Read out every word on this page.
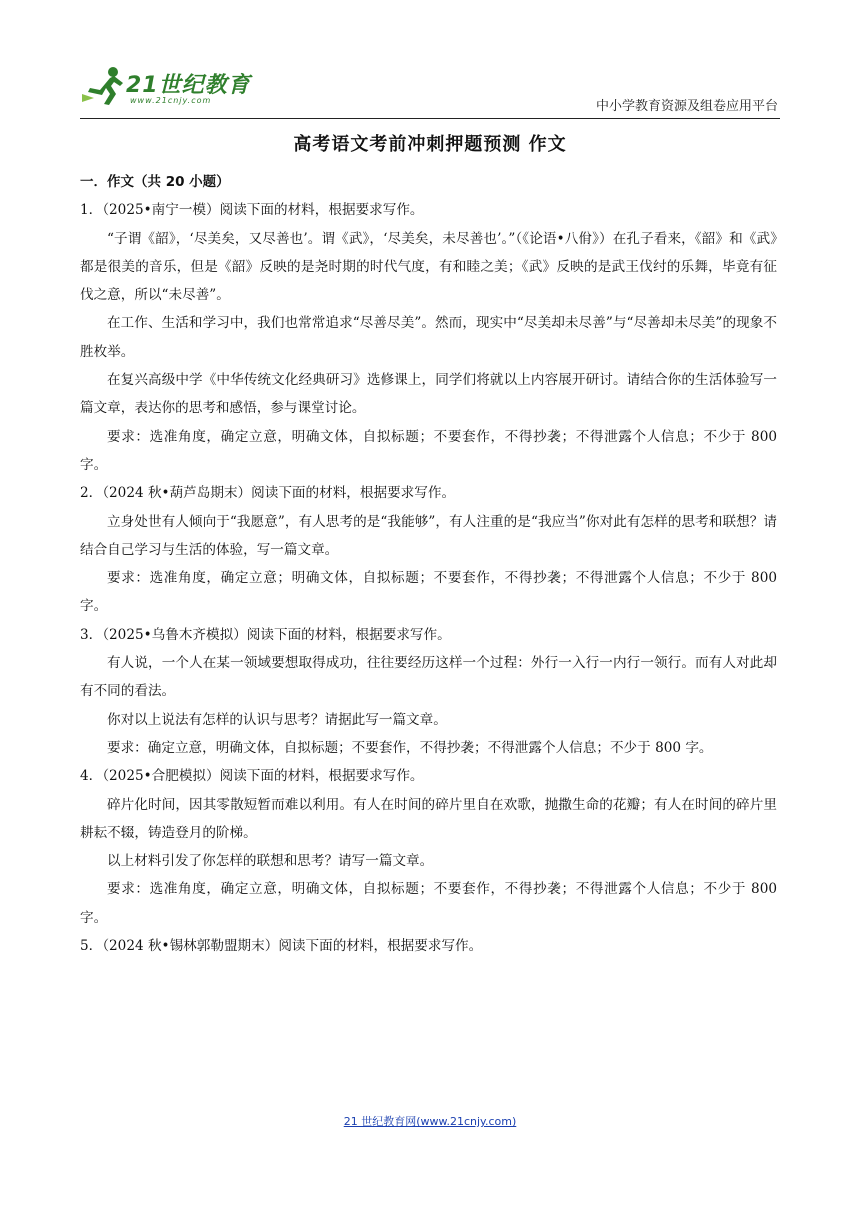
21世纪教育
www.21cnjy.com	中小学教育资源及组卷应用平台
高考语文考前冲刺押题预测 作文

一．作文（共 20 小题）

1．（2025•南宁一模）阅读下面的材料，根据要求写作。

“子谓《韶》，‘尽美矣，又尽善也’。谓《武》，‘尽美矣，未尽善也’。”（《论语•八佾》）在孔子看来，《韶》和《武》都是很美的音乐，但是《韶》反映的是尧时期的时代气度，有和睦之美；《武》反映的是武王伐纣的乐舞，毕竟有征伐之意，所以“未尽善”。

在工作、生活和学习中，我们也常常追求“尽善尽美”。然而，现实中“尽美却未尽善”与“尽善却未尽美”的现象不胜枚举。

在复兴高级中学《中华传统文化经典研习》选修课上，同学们将就以上内容展开研讨。请结合你的生活体验写一篇文章，表达你的思考和感悟，参与课堂讨论。

要求：选准角度，确定立意，明确文体，自拟标题；不要套作，不得抄袭；不得泄露个人信息；不少于 800 字。

2．（2024 秋•葫芦岛期末）阅读下面的材料，根据要求写作。

立身处世有人倾向于“我愿意”，有人思考的是“我能够”，有人注重的是“我应当”你对此有怎样的思考和联想？请结合自己学习与生活的体验，写一篇文章。

要求：选准角度，确定立意；明确文体，自拟标题；不要套作，不得抄袭；不得泄露个人信息；不少于 800 字。

3．（2025•乌鲁木齐模拟）阅读下面的材料，根据要求写作。

有人说，一个人在某一领域要想取得成功，往往要经历这样一个过程：外行一入行一内行一领行。而有人对此却有不同的看法。

你对以上说法有怎样的认识与思考？请据此写一篇文章。

要求：确定立意，明确文体，自拟标题；不要套作，不得抄袭；不得泄露个人信息；不少于 800 字。

4．（2025•合肥模拟）阅读下面的材料，根据要求写作。

碎片化时间，因其零散短暂而难以利用。有人在时间的碎片里自在欢歌，抛撒生命的花瓣；有人在时间的碎片里耕耘不辍，铸造登月的阶梯。

以上材料引发了你怎样的联想和思考？请写一篇文章。

要求：选准角度，确定立意，明确文体，自拟标题；不要套作，不得抄袭；不得泄露个人信息；不少于 800 字。

5．（2024 秋•锡林郭勒盟期末）阅读下面的材料，根据要求写作。

21 世纪教育网(www.21cnjy.com)
